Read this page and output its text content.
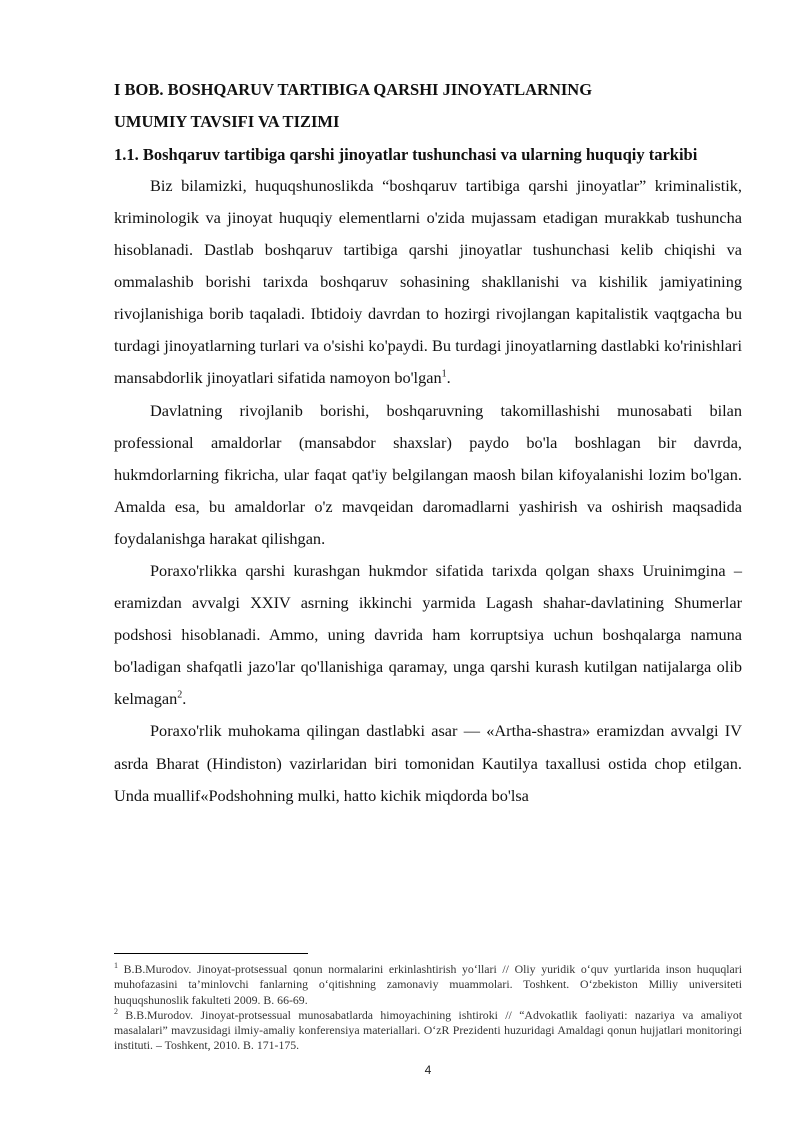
I BOB. BOSHQARUV TARTIBIGA QARSHI JINOYATLARNING
UMUMIY TAVSIFI VA TIZIMI
1.1. Boshqaruv tartibiga qarshi jinoyatlar tushunchasi va ularning huquqiy tarkibi

Biz bilamizki, huquqshunoslikda “boshqaruv tartibiga qarshi jinoyatlar” kriminalistik, kriminologik va jinoyat huquqiy elementlarni o'zida mujassam etadigan murakkab tushuncha hisoblanadi. Dastlab boshqaruv tartibiga qarshi jinoyatlar tushunchasi kelib chiqishi va ommalashib borishi tarixda boshqaruv sohasining shakllanishi va kishilik jamiyatining rivojlanishiga borib taqaladi. Ibtidoiy davrdan to hozirgi rivojlangan kapitalistik vaqtgacha bu turdagi jinoyatlarning turlari va o'sishi ko'paydi. Bu turdagi jinoyatlarning dastlabki ko'rinishlari mansabdorlik jinoyatlari sifatida namoyon bo'lgan$^1$.

Davlatning rivojlanib borishi, boshqaruvning takomillashishi munosabati bilan professional amaldorlar (mansabdor shaxslar) paydo bo'la boshlagan bir davrda, hukmdorlarning fikricha, ular faqat qat'iy belgilangan maosh bilan kifoyalanishi lozim bo'lgan. Amalda esa, bu amaldorlar o'z mavqeidan daromadlarni yashirish va oshirish maqsadida foydalanishga harakat qilishgan.

Poraxo'rlikka qarshi kurashgan hukmdor sifatida tarixda qolgan shaxs Uruinimgina – eramizdan avvalgi XXIV asrning ikkinchi yarmida Lagash shahar-davlatining Shumerlar podshosi hisoblanadi. Ammo, uning davrida ham korruptsiya uchun boshqalarga namuna bo'ladigan shafqatli jazo'lar qo'llanishiga qaramay, unga qarshi kurash kutilgan natijalarga olib kelmagan$^2$.

Poraxo'rlik muhokama qilingan dastlabki asar — «Artha-shastra» eramizdan avvalgi IV asrda Bharat (Hindiston) vazirlaridan biri tomonidan Kautilya taxallusi ostida chop etilgan. Unda muallif«Podshohning mulki, hatto kichik miqdorda bo'lsa

$^1$ B.B.Murodov. Jinoyat-protsessual qonun normalarini erkinlashtirish yo‘llari // Oliy yuridik o‘quv yurtlarida inson huquqlari muhofazasini ta’minlovchi fanlarning o‘qitishning zamonaviy muammolari. Toshkent. O‘zbekiston Milliy universiteti huquqshunoslik fakulteti 2009. B. 66-69.

$^2$ B.B.Murodov. Jinoyat-protsessual munosabatlarda himoyachining ishtiroki // “Advokatlik faoliyati: nazariya va amaliyot masalalari” mavzusidagi ilmiy-amaliy konferensiya materiallari. O‘zR Prezidenti huzuridagi Amaldagi qonun hujjatlari monitoringi instituti. – Toshkent, 2010. B. 171-175.

4
